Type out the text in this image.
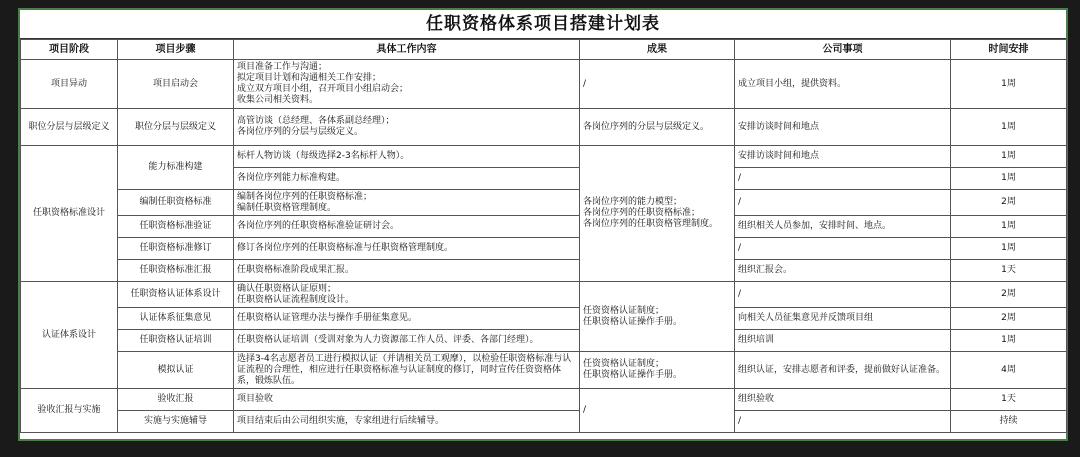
任职资格体系项目搭建计划表
项目阶段	项目步骤	具体工作内容	成果	公司事项	时间安排
项目异动	项目启动会	项目准备工作与沟通；
拟定项目计划和沟通相关工作安排；
成立双方项目小组，召开项目小组启动会；
收集公司相关资料。	/	成立项目小组，提供资料。	1周
职位分层与层级定义	职位分层与层级定义	高管访谈（总经理、各体系副总经理）；
各岗位序列的分层与层级定义。	各岗位序列的分层与层级定义。	安排访谈时间和地点	1周
任职资格标准设计	能力标准构建	标杆人物访谈（每级选择2-3名标杆人物）。	各岗位序列的能力模型；
各岗位序列的任职资格标准；
各岗位序列的任职资格管理制度。	安排访谈时间和地点	1周
		各岗位序列能力标准构建。		/	1周
	编制任职资格标准	编制各岗位序列的任职资格标准；
编制任职资格管理制度。		/	2周
	任职资格标准验证	各岗位序列的任职资格标准验证研讨会。		组织相关人员参加，安排时间、地点。	1周
	任职资格标准修订	修订各岗位序列的任职资格标准与任职资格管理制度。		/	1周
	任职资格标准汇报	任职资格标准阶段成果汇报。		组织汇报会。	1天
认证体系设计	任职资格认证体系设计	确认任职资格认证原则；
任职资格认证流程制度设计。	任资资格认证制度；
任职资格认证操作手册。	/	2周
	认证体系征集意见	任职资格认证管理办法与操作手册征集意见。		向相关人员征集意见并反馈项目组	2周
	任职资格认证培训	任职资格认证培训（受训对象为人力资源部工作人员、评委、各部门经理）。		组织培训	1周
	模拟认证	选择3-4名志愿者员工进行模拟认证（并请相关员工观摩），以检验任职资格标准与认证流程的合理性，相应进行任职资格标准与认证制度的修订，同时宣传任资资格体系，锻炼队伍。	任资资格认证制度；
任职资格认证操作手册。	组织认证，安排志愿者和评委，提前做好认证准备。	4周
验收汇报与实施	验收汇报	项目验收	/	组织验收	1天
	实施与实施辅导	项目结束后由公司组织实施，专家组进行后续辅导。		/	持续
